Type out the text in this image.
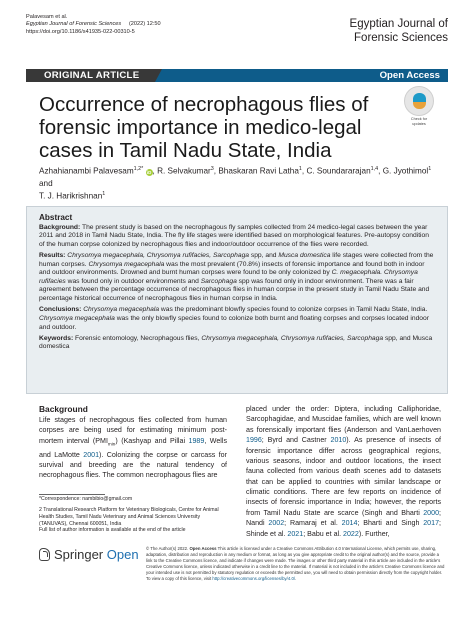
Palavesam et al.
Egyptian Journal of Forensic Sciences (2022) 12:50
https://doi.org/10.1186/s41935-022-00310-5
Egyptian Journal of
Forensic Sciences
ORIGINAL ARTICLE	Open Access
Occurrence of necrophagous flies of forensic importance in medico-legal cases in Tamil Nadu State, India
Check for
updates
Azhahianambi Palavesam$^{1,2*}$ iD, R. Selvakumar$^3$, Bhaskaran Ravi Latha$^1$, C. Soundararajan$^{1,4}$, G. Jyothimol$^1$ and
T. J. Harikrishnan$^1$
Abstract

Background: The present study is based on the necrophagous fly samples collected from 24 medico-legal cases between the year 2011 and 2018 in Tamil Nadu State, India. The fly life stages were identified based on morphological features. Pre-autopsy condition of the human corpse colonized by necrophagous flies and indoor/outdoor occurrence of the flies were recorded.

Results: Chrysomya megacephala, Chrysomya rufifacies, Sarcophaga spp, and Musca domestica life stages were collected from the human corpses. Chrysomya megacephala was the most prevalent (70.8%) insects of forensic importance and found both in indoor and outdoor environments. Drowned and burnt human corpses were found to be only colonized by C. megacephala. Chrysomya rufifacies was found only in outdoor environments and Sarcophaga spp was found only in indoor environment. There was a fair agreement between the percentage occurrence of necrophagous flies in human corpse in the present study in Tamil Nadu State and percentage historical occurrence of necrophagous flies in human corpse in India.

Conclusions: Chrysomya megacephala was the predominant blowfly species found to colonize corpses in Tamil Nadu State, India. Chrysomya megacephala was the only blowfly species found to colonize both burnt and floating corpses and corpses located indoor and outdoor.

Keywords: Forensic entomology, Necrophagous flies, Chrysomya megacephala, Chrysomya rufifacies, Sarcophaga spp, and Musca domestica

Background

Life stages of necrophagous flies collected from human corpses are being used for estimating minimum post-mortem interval $(PMI_{min})$ (Kashyap and Pillai 1989, Wells and LaMotte 2001). Colonizing the corpse or carcass for survival and breeding are the natural tendency of necrophagous flies. The common necrophagous flies are

placed under the order: Diptera, including Calliphoridae, Sarcophagidae, and Muscidae families, which are well known as forensically important flies (Anderson and VanLaerhoven 1996; Byrd and Castner 2010). As presence of insects of forensic importance differ across geographical regions, various seasons, indoor and outdoor locations, the insect fauna collected from various death scenes add to datasets that can be applied to countries with similar landscape or climatic conditions. There are few reports on incidence of insects of forensic importance in India; however, the reports from Tamil Nadu State are scarce (Singh and Bharti 2000; Nandi 2002; Ramaraj et al. 2014; Bharti and Singh 2017; Shinde et al. 2021; Babu et al. 2022). Further,

*Correspondence: nambibio@gmail.com
2 Translational Research Platform for Veterinary Biologicals, Centre for Animal Health Studies, Tamil Nadu Veterinary and Animal Sciences University (TANUVAS), Chennai 600051, India
Full list of author information is available at the end of the article
Springer Open © The Author(s) 2022. Open Access This article is licensed under a Creative Commons Attribution 4.0 International License, which permits use, sharing, adaptation, distribution and reproduction in any medium or format, as long as you give appropriate credit to the original author(s) and the source, provide a link to the Creative Commons licence, and indicate if changes were made. The images or other third party material in this article are included in the article's Creative Commons licence, unless indicated otherwise in a credit line to the material. If material is not included in the article's Creative Commons licence and your intended use is not permitted by statutory regulation or exceeds the permitted use, you will need to obtain permission directly from the copyright holder. To view a copy of this licence, visit http://creativecommons.org/licenses/by/4.0/.
